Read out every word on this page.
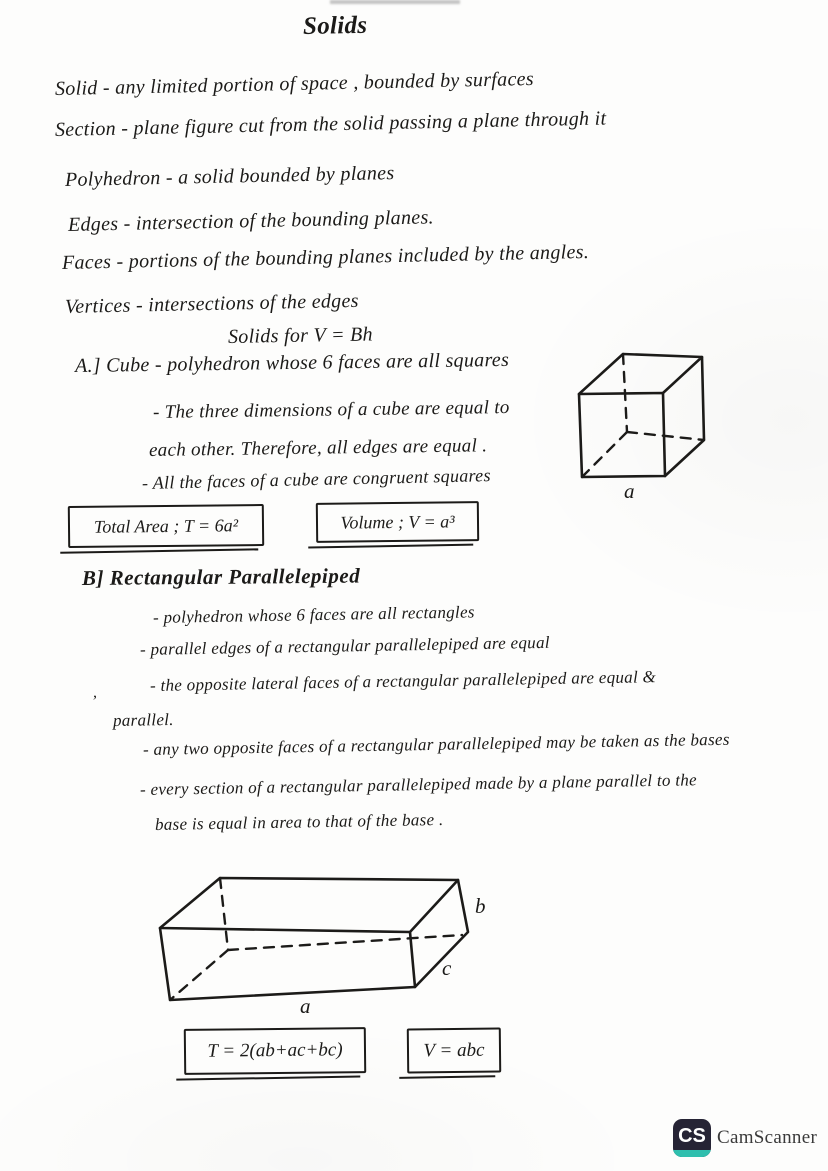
Solids
Solid - any limited portion of space , bounded by surfaces
Section - plane figure cut from the solid passing a plane through it
Polyhedron - a solid bounded by planes
Edges - intersection of the bounding planes.
Faces - portions of the bounding planes included by the angles.
Vertices - intersections of the edges
Solids for V = Bh
A.] Cube - polyhedron whose 6 faces are all squares
- The three dimensions of a cube are equal to
each other. Therefore, all edges are equal .
- All the faces of a cube are congruent squares
Total Area ; T = 6a²	Volume ; V = a³
a
B] Rectangular Parallelepiped
- polyhedron whose 6 faces are all rectangles
- parallel edges of a rectangular parallelepiped are equal
- the opposite lateral faces of a rectangular parallelepiped are equal &
parallel.
- any two opposite faces of a rectangular parallelepiped may be taken as the bases
- every section of a rectangular parallelepiped made by a plane parallel to the
base is equal in area to that of the base .
,
a
b
c
T = 2(ab+ac+bc)	V = abc
CS CamScanner
